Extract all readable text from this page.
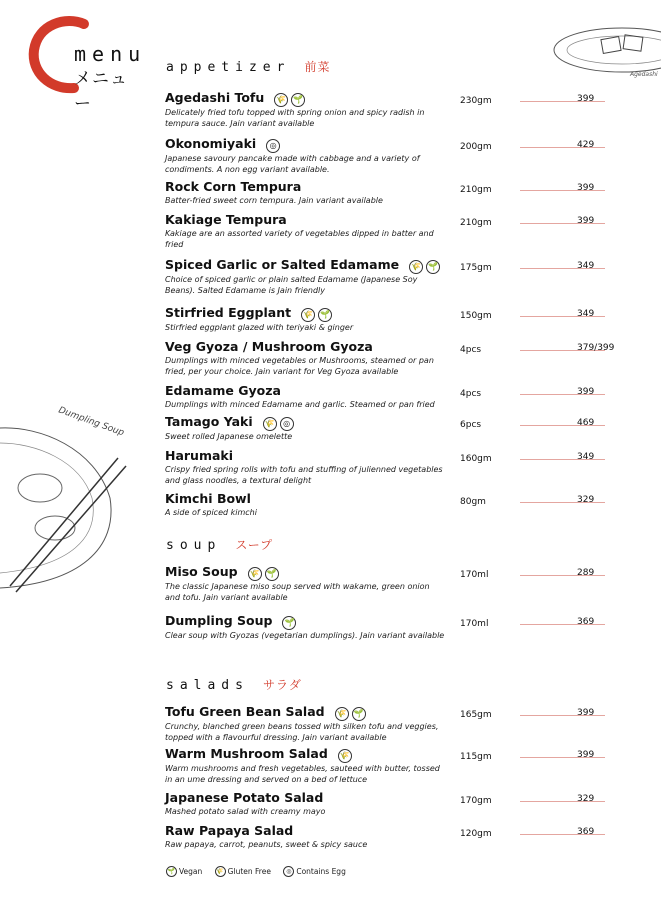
menu
メニュー
Agedashi
Dumpling Soup
appetizer 前菜
soup スープ
salads サラダ
Agedashi Tofu 🌾 🌱
Delicately fried tofu topped with spring onion and spicy radish in tempura sauce. Jain variant available
230gm	399
Okonomiyaki ◎
Japanese savoury pancake made with cabbage and a variety of condiments. A non egg variant available.
200gm	429
Rock Corn Tempura
Batter-fried sweet corn tempura. Jain variant available
210gm	399
Kakiage Tempura
Kakiage are an assorted variety of vegetables dipped in batter and fried
210gm	399
Spiced Garlic or Salted Edamame 🌾 🌱
Choice of spiced garlic or plain salted Edamame (Japanese Soy Beans). Salted Edamame is Jain friendly
175gm	349
Stirfried Eggplant 🌾 🌱
Stirfried eggplant glazed with teriyaki & ginger
150gm	349
Veg Gyoza / Mushroom Gyoza
Dumplings with minced vegetables or Mushrooms, steamed or pan fried, per your choice. Jain variant for Veg Gyoza available
4pcs	379/399
Edamame Gyoza
Dumplings with minced Edamame and garlic. Steamed or pan fried
4pcs	399
Tamago Yaki 🌾 ◎
Sweet rolled Japanese omelette
6pcs	469
Harumaki
Crispy fried spring rolls with tofu and stuffing of julienned vegetables and glass noodles, a textural delight
160gm	349
Kimchi Bowl
A side of spiced kimchi
80gm	329
Miso Soup 🌾 🌱
The classic Japanese miso soup served with wakame, green onion and tofu. Jain variant available
170ml	289
Dumpling Soup 🌱
Clear soup with Gyozas (vegetarian dumplings). Jain variant available
170ml	369
Tofu Green Bean Salad 🌾 🌱
Crunchy, blanched green beans tossed with silken tofu and veggies, topped with a flavourful dressing. Jain variant available
165gm	399
Warm Mushroom Salad 🌾
Warm mushrooms and fresh vegetables, sauteed with butter, tossed in an ume dressing and served on a bed of lettuce
115gm	399
Japanese Potato Salad
Mashed potato salad with creamy mayo
170gm	329
Raw Papaya Salad
Raw papaya, carrot, peanuts, sweet & spicy sauce
120gm	369
🌱 Vegan 🌾 Gluten Free	◎ Contains Egg
